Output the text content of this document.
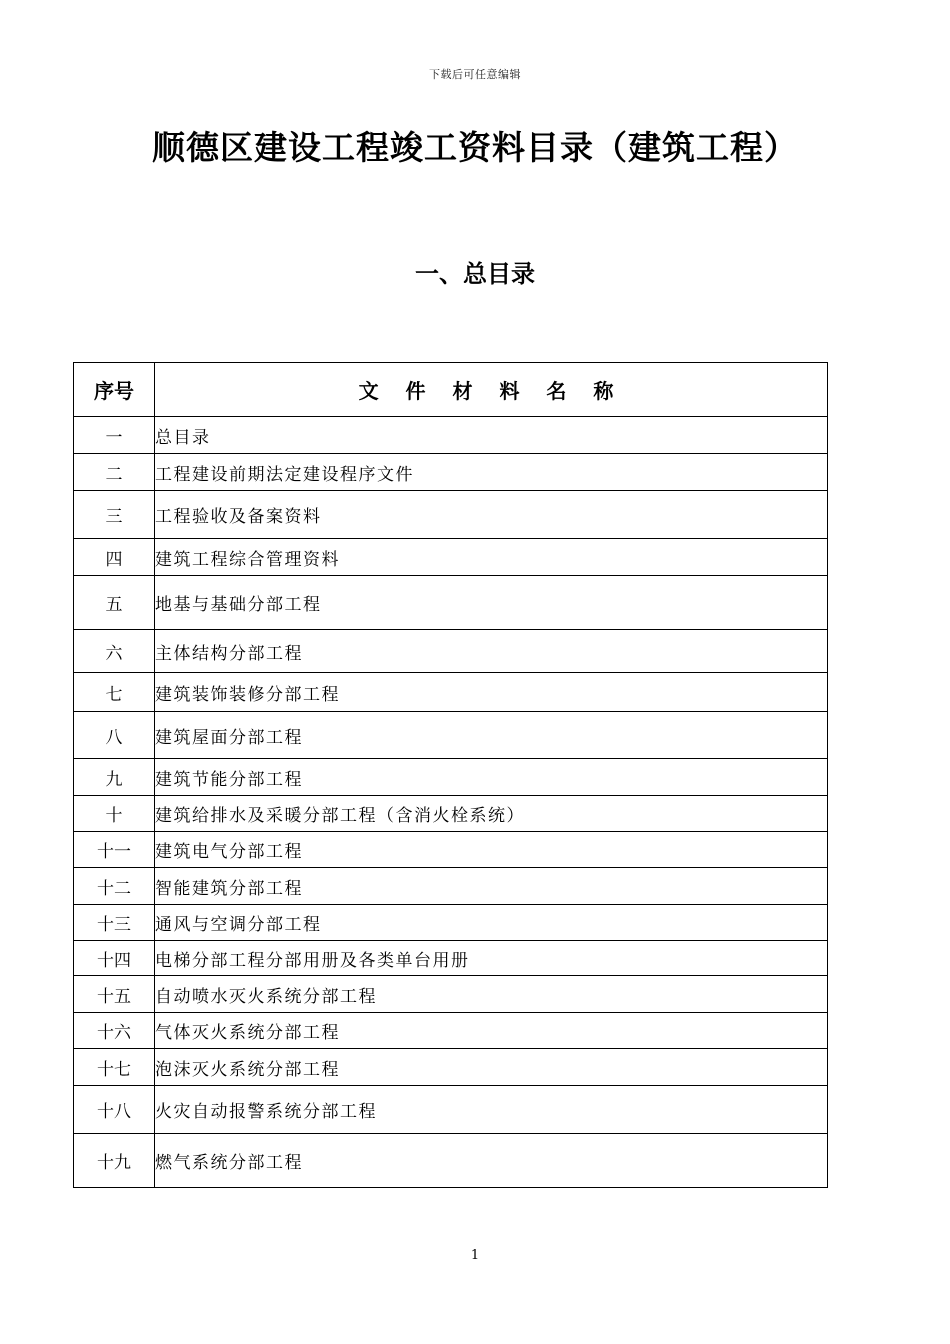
下载后可任意编辑
顺德区建设工程竣工资料目录（建筑工程）
一、总目录
序号	文 件 材 料 名 称
一	总目录
二	工程建设前期法定建设程序文件
三	工程验收及备案资料
四	建筑工程综合管理资料
五	地基与基础分部工程
六	主体结构分部工程
七	建筑装饰装修分部工程
八	建筑屋面分部工程
九	建筑节能分部工程
十	建筑给排水及采暖分部工程（含消火栓系统）
十一	建筑电气分部工程
十二	智能建筑分部工程
十三	通风与空调分部工程
十四	电梯分部工程分部用册及各类单台用册
十五	自动喷水灭火系统分部工程
十六	气体灭火系统分部工程
十七	泡沫灭火系统分部工程
十八	火灾自动报警系统分部工程
十九	燃气系统分部工程
1
